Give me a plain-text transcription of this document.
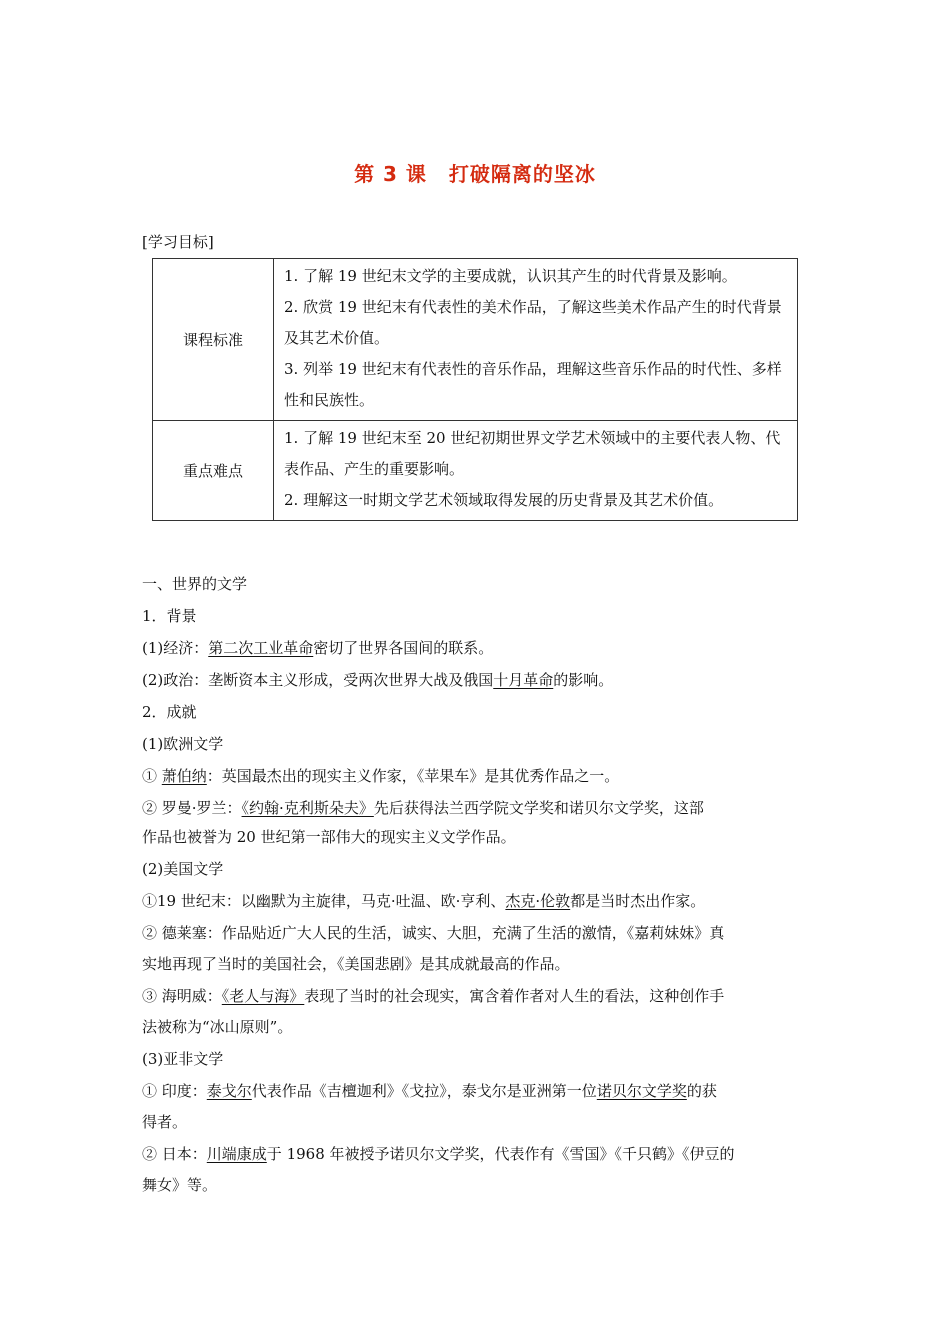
第 3 课 打破隔离的坚冰
[学习目标]
课程标准	1. 了解 19 世纪末文学的主要成就，认识其产生的时代背景及影响。

2. 欣赏 19 世纪末有代表性的美术作品，了解这些美术作品产生的时代背景及其艺术价值。

3. 列举 19 世纪末有代表性的音乐作品，理解这些音乐作品的时代性、多样性和民族性。

重点难点	1. 了解 19 世纪末至 20 世纪初期世界文学艺术领域中的主要代表人物、代表作品、产生的重要影响。

2. 理解这一时期文学艺术领域取得发展的历史背景及其艺术价值。

一、世界的文学
1．背景
(1)经济：第二次工业革命密切了世界各国间的联系。
(2)政治：垄断资本主义形成，受两次世界大战及俄国十月革命的影响。
2．成就
(1)欧洲文学
① 萧伯纳：英国最杰出的现实主义作家，《苹果车》是其优秀作品之一。
② 罗曼·罗兰：《约翰·克利斯朵夫》先后获得法兰西学院文学奖和诺贝尔文学奖，这部
作品也被誉为 20 世纪第一部伟大的现实主义文学作品。
(2)美国文学
①19 世纪末：以幽默为主旋律，马克·吐温、欧·亨利、杰克·伦敦都是当时杰出作家。
② 德莱塞：作品贴近广大人民的生活，诚实、大胆，充满了生活的激情，《嘉莉妹妹》真
实地再现了当时的美国社会，《美国悲剧》是其成就最高的作品。
③ 海明威：《老人与海》表现了当时的社会现实，寓含着作者对人生的看法，这种创作手
法被称为“冰山原则”。
(3)亚非文学
① 印度：泰戈尔代表作品《吉檀迦利》《戈拉》，泰戈尔是亚洲第一位诺贝尔文学奖的获
得者。
② 日本：川端康成于 1968 年被授予诺贝尔文学奖，代表作有《雪国》《千只鹤》《伊豆的
舞女》等。
